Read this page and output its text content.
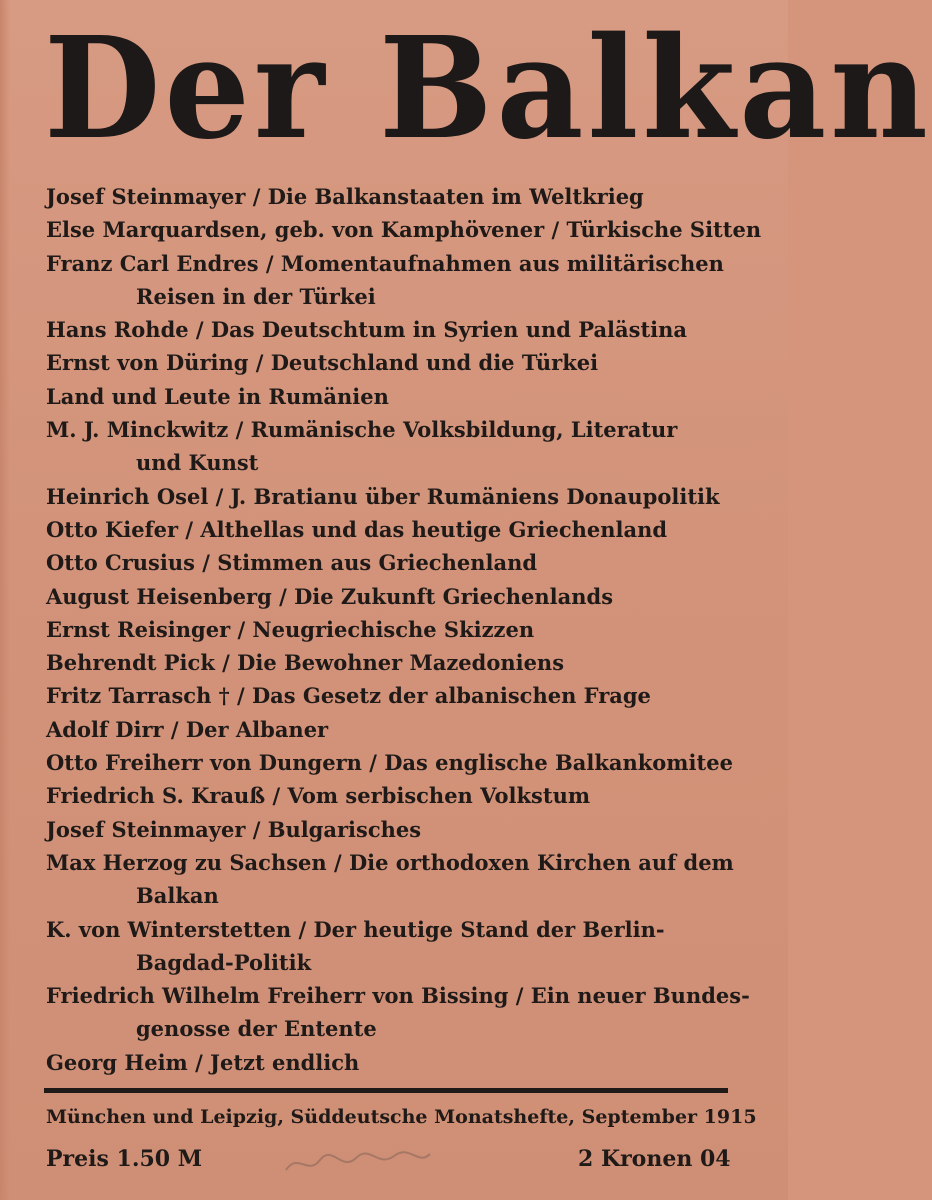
Der Balkan
Josef Steinmayer / Die Balkanstaaten im Weltkrieg
Else Marquardsen, geb. von Kamphövener / Türkische Sitten
Franz Carl Endres / Momentaufnahmen aus militärischen
Reisen in der Türkei
Hans Rohde / Das Deutschtum in Syrien und Palästina
Ernst von Düring / Deutschland und die Türkei
Land und Leute in Rumänien
M. J. Minckwitz / Rumänische Volksbildung, Literatur
und Kunst
Heinrich Osel / J. Bratianu über Rumäniens Donaupolitik
Otto Kiefer / Althellas und das heutige Griechenland
Otto Crusius / Stimmen aus Griechenland
August Heisenberg / Die Zukunft Griechenlands
Ernst Reisinger / Neugriechische Skizzen
Behrendt Pick / Die Bewohner Mazedoniens
Fritz Tarrasch † / Das Gesetz der albanischen Frage
Adolf Dirr / Der Albaner
Otto Freiherr von Dungern / Das englische Balkankomitee
Friedrich S. Krauß / Vom serbischen Volkstum
Josef Steinmayer / Bulgarisches
Max Herzog zu Sachsen / Die orthodoxen Kirchen auf dem
Balkan
K. von Winterstetten / Der heutige Stand der Berlin-
Bagdad-Politik
Friedrich Wilhelm Freiherr von Bissing / Ein neuer Bundes-
genosse der Entente
Georg Heim / Jetzt endlich
München und Leipzig, Süddeutsche Monatshefte, September 1915
Preis 1.50 M	2 Kronen 04
